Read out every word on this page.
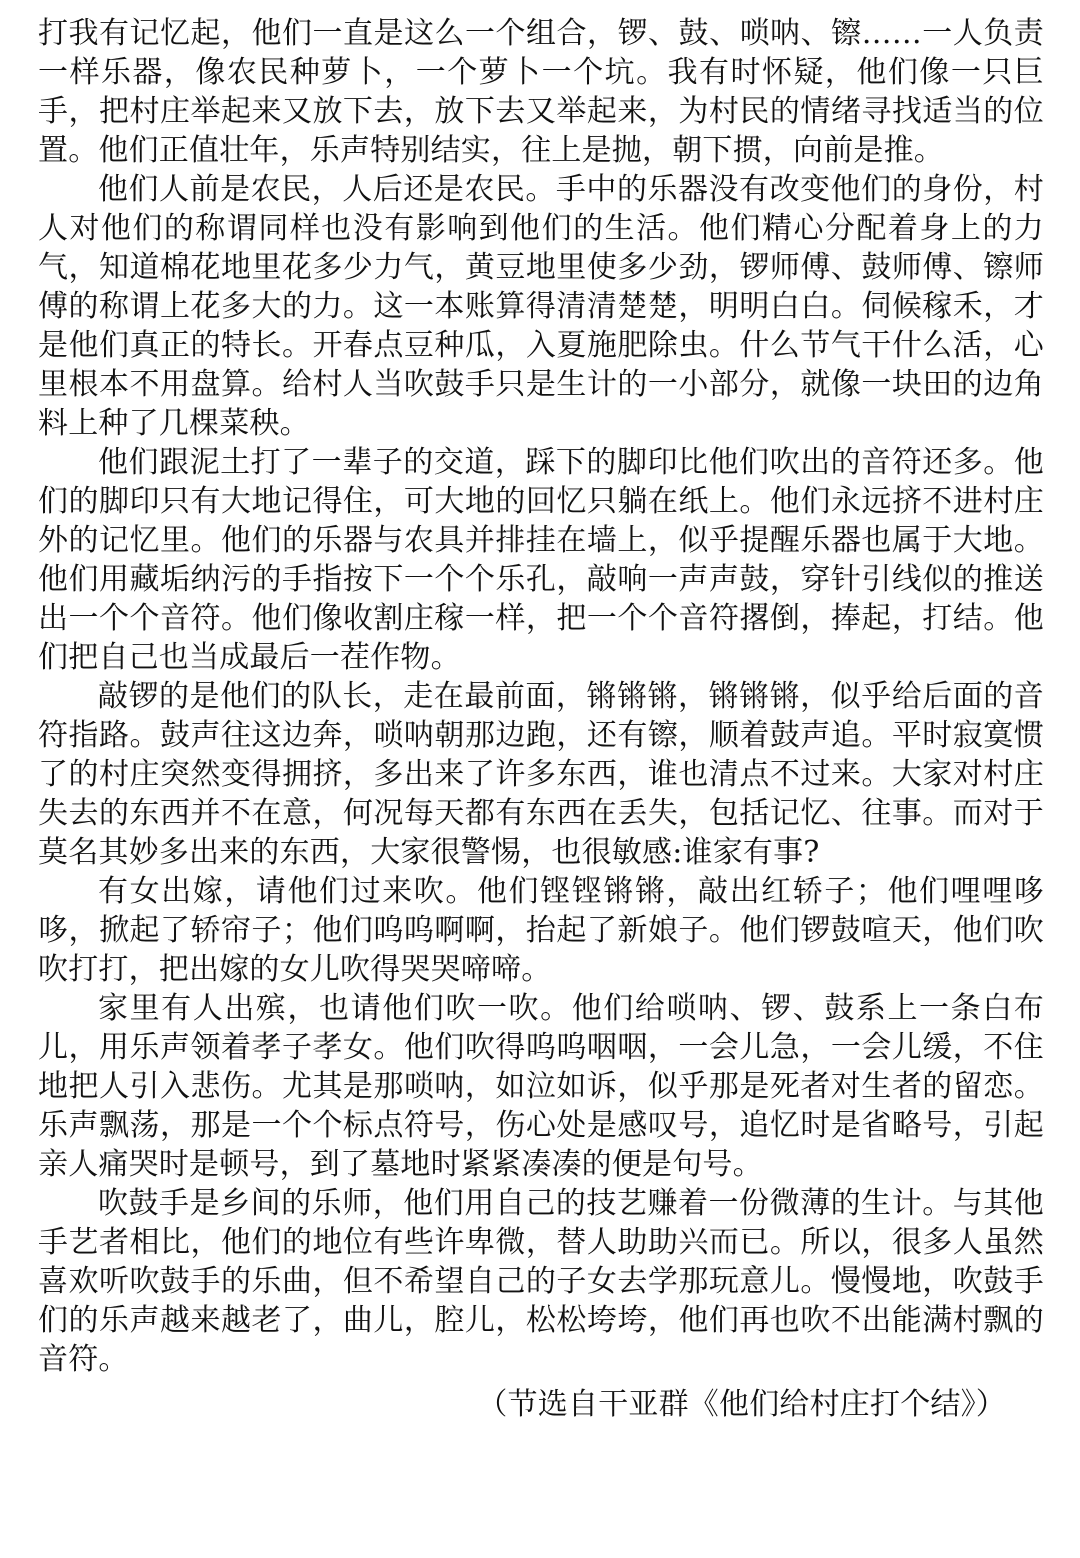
打我有记忆起，他们一直是这么一个组合，锣、鼓、唢呐、镲……一人负责一样乐器，像农民种萝卜，一个萝卜一个坑。我有时怀疑，他们像一只巨手，把村庄举起来又放下去，放下去又举起来，为村民的情绪寻找适当的位置。他们正值壮年，乐声特别结实，往上是抛，朝下掼，向前是推。

他们人前是农民，人后还是农民。手中的乐器没有改变他们的身份，村人对他们的称谓同样也没有影响到他们的生活。他们精心分配着身上的力气，知道棉花地里花多少力气，黄豆地里使多少劲，锣师傅、鼓师傅、镲师傅的称谓上花多大的力。这一本账算得清清楚楚，明明白白。伺候稼禾，才是他们真正的特长。开春点豆种瓜，入夏施肥除虫。什么节气干什么活，心里根本不用盘算。给村人当吹鼓手只是生计的一小部分，就像一块田的边角料上种了几棵菜秧。

他们跟泥土打了一辈子的交道，踩下的脚印比他们吹出的音符还多。他们的脚印只有大地记得住，可大地的回忆只躺在纸上。他们永远挤不进村庄外的记忆里。他们的乐器与农具并排挂在墙上，似乎提醒乐器也属于大地。他们用藏垢纳污的手指按下一个个乐孔，敲响一声声鼓，穿针引线似的推送出一个个音符。他们像收割庄稼一样，把一个个音符撂倒，捧起，打结。他们把自己也当成最后一茬作物。

敲锣的是他们的队长，走在最前面，锵锵锵，锵锵锵，似乎给后面的音符指路。鼓声往这边奔，唢呐朝那边跑，还有镲，顺着鼓声追。平时寂寞惯了的村庄突然变得拥挤，多出来了许多东西，谁也清点不过来。大家对村庄失去的东西并不在意，何况每天都有东西在丢失，包括记忆、往事。而对于莫名其妙多出来的东西，大家很警惕，也很敏感:谁家有事?

有女出嫁，请他们过来吹。他们铿铿锵锵，敲出红轿子；他们哩哩哆哆，掀起了轿帘子；他们呜呜啊啊，抬起了新娘子。他们锣鼓喧天，他们吹吹打打，把出嫁的女儿吹得哭哭啼啼。

家里有人出殡，也请他们吹一吹。他们给唢呐、锣、鼓系上一条白布儿，用乐声领着孝子孝女。他们吹得呜呜咽咽，一会儿急，一会儿缓，不住地把人引入悲伤。尤其是那唢呐，如泣如诉，似乎那是死者对生者的留恋。乐声飘荡，那是一个个标点符号，伤心处是感叹号，追忆时是省略号，引起亲人痛哭时是顿号，到了墓地时紧紧凑凑的便是句号。

吹鼓手是乡间的乐师，他们用自己的技艺赚着一份微薄的生计。与其他手艺者相比，他们的地位有些许卑微，替人助助兴而已。所以，很多人虽然喜欢听吹鼓手的乐曲，但不希望自己的子女去学那玩意儿。慢慢地，吹鼓手们的乐声越来越老了，曲儿，腔儿，松松垮垮，他们再也吹不出能满村飘的音符。

（节选自干亚群《他们给村庄打个结》）
